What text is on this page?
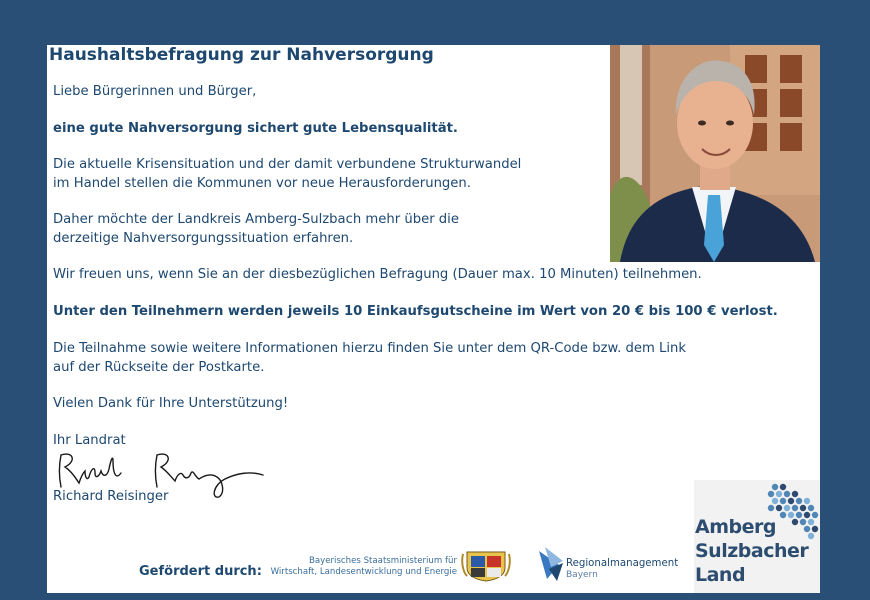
Haushaltsbefragung zur Nahversorgung

Liebe Bürgerinnen und Bürger,

eine gute Nahversorgung sichert gute Lebensqualität.

Die aktuelle Krisensituation und der damit verbundene Strukturwandel

im Handel stellen die Kommunen vor neue Herausforderungen.

Daher möchte der Landkreis Amberg-Sulzbach mehr über die

derzeitige Nahversorgungssituation erfahren.

Wir freuen uns, wenn Sie an der diesbezüglichen Befragung (Dauer max. 10 Minuten) teilnehmen.

Unter den Teilnehmern werden jeweils 10 Einkaufsgutscheine im Wert von 20 € bis 100 € verlost.

Die Teilnahme sowie weitere Informationen hierzu finden Sie unter dem QR-Code bzw. dem Link

auf der Rückseite der Postkarte.

Vielen Dank für Ihre Unterstützung!

Ihr Landrat

Richard Reisinger

Gefördert durch:

Bayerisches Staatsministerium für
Wirtschaft, Landesentwicklung und Energie
Regionalmanagement
Bayern
Amberg
Sulzbacher
Land
